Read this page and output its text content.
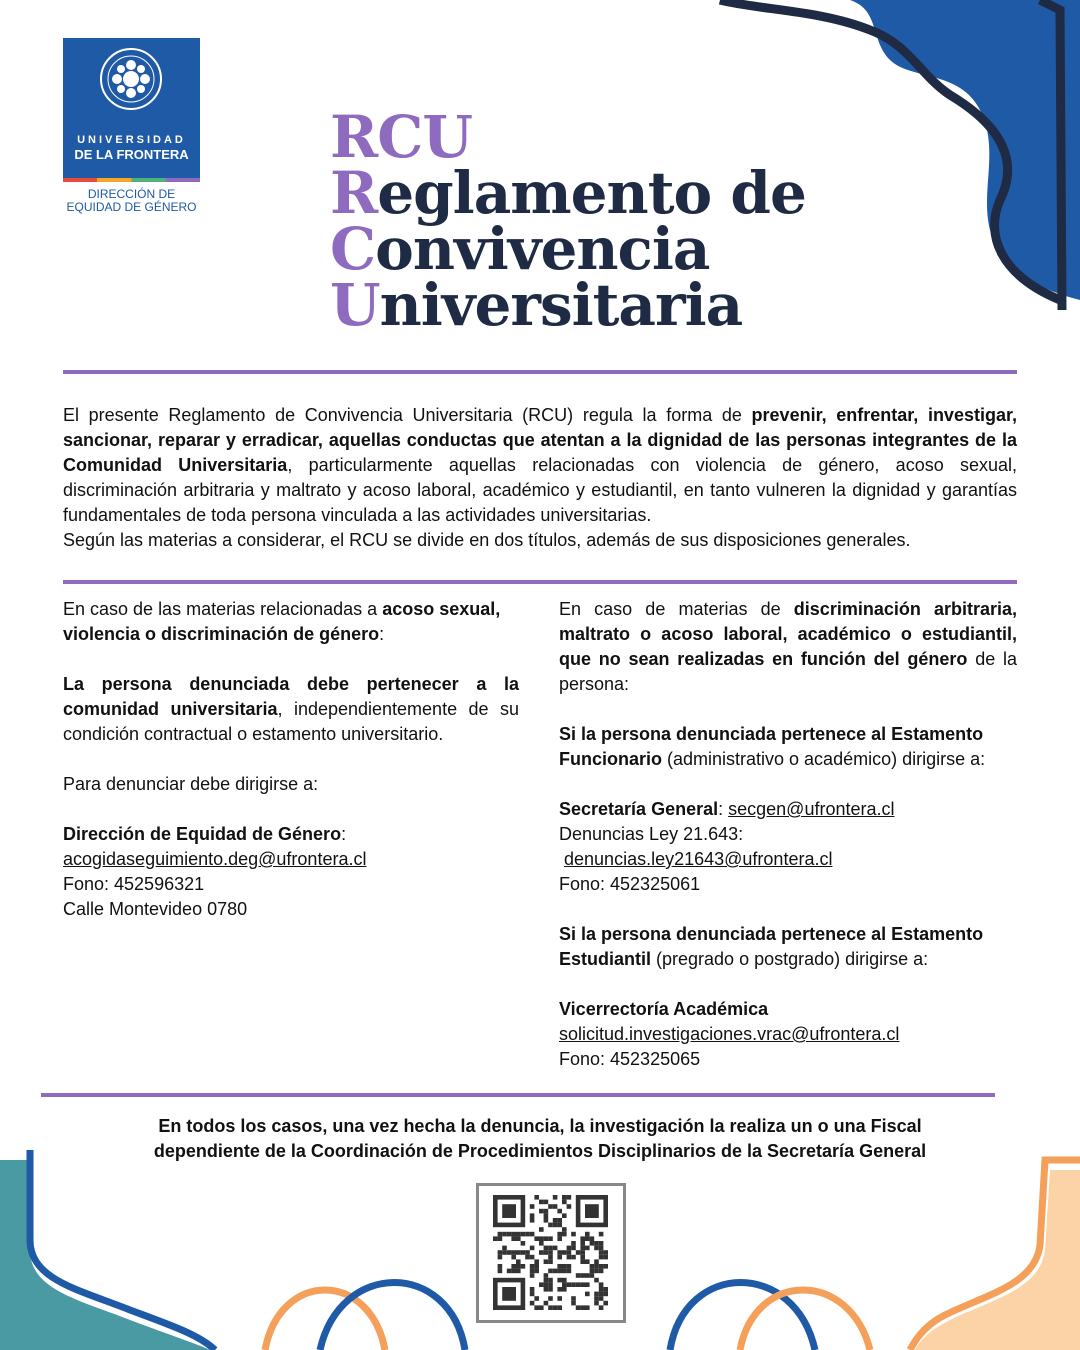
UNIVERSIDAD
DE LA FRONTERA
DIRECCIÓN DE EQUIDAD DE GÉNERO
RCU
Reglamento de
Convivencia
Universitaria
El presente Reglamento de Convivencia Universitaria (RCU) regula la forma de prevenir, enfrentar, investigar, sancionar, reparar y erradicar, aquellas conductas que atentan a la dignidad de las personas integrantes de la Comunidad Universitaria, particularmente aquellas relacionadas con violencia de género, acoso sexual, discriminación arbitraria y maltrato y acoso laboral, académico y estudiantil, en tanto vulneren la dignidad y garantías fundamentales de toda persona vinculada a las actividades universitarias.
Según las materias a considerar, el RCU se divide en dos títulos, además de sus disposiciones generales.
En caso de las materias relacionadas a acoso sexual, violencia o discriminación de género:
La persona denunciada debe pertenecer a la comunidad universitaria, independientemente de su condición contractual o estamento universitario.
Para denunciar debe dirigirse a:
Dirección de Equidad de Género:
acogidaseguimiento.deg@ufrontera.cl
Fono: 452596321
Calle Montevideo 0780
En caso de materias de discriminación arbitraria, maltrato o acoso laboral, académico o estudiantil, que no sean realizadas en función del género de la persona:
Si la persona denunciada pertenece al Estamento Funcionario (administrativo o académico) dirigirse a:
Secretaría General: secgen@ufrontera.cl
Denuncias Ley 21.643:
denuncias.ley21643@ufrontera.cl
Fono: 452325061
Si la persona denunciada pertenece al Estamento Estudiantil (pregrado o postgrado) dirigirse a:
Vicerrectoría Académica
solicitud.investigaciones.vrac@ufrontera.cl
Fono: 452325065
En todos los casos, una vez hecha la denuncia, la investigación la realiza un o una Fiscal
dependiente de la Coordinación de Procedimientos Disciplinarios de la Secretaría General
